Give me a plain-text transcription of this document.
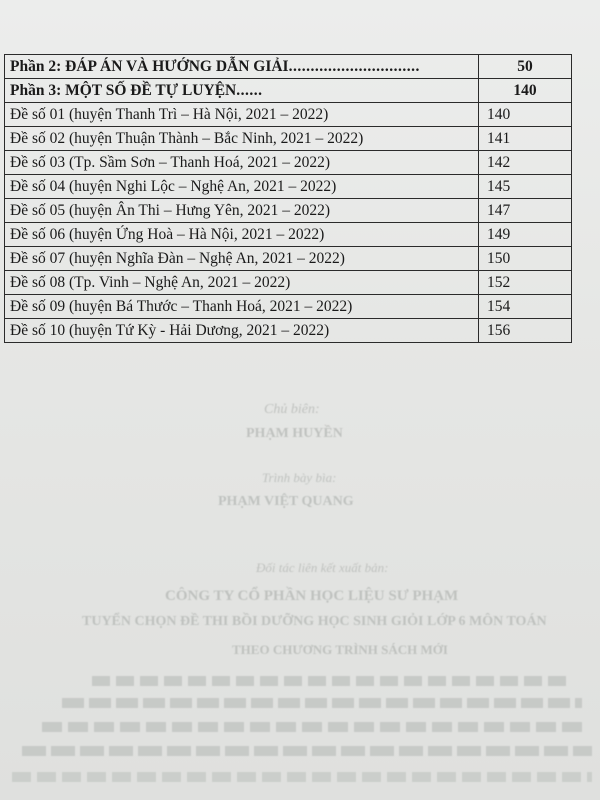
Chủ biên:
PHẠM HUYỀN
Trình bày bìa:
PHẠM VIỆT QUANG
Đối tác liên kết xuất bản:
CÔNG TY CỔ PHẦN HỌC LIỆU SƯ PHẠM
TUYỂN CHỌN ĐỀ THI BỒI DƯỠNG HỌC SINH GIỎI LỚP 6 MÔN TOÁN
THEO CHƯƠNG TRÌNH SÁCH MỚI
Phần 2: ĐÁP ÁN VÀ HƯỚNG DẪN GIẢI..............................	50
Phần 3: MỘT SỐ ĐỀ TỰ LUYỆN......	140
Đề số 01 (huyện Thanh Trì – Hà Nội, 2021 – 2022)	140
Đề số 02 (huyện Thuận Thành – Bắc Ninh, 2021 – 2022)	141
Đề số 03 (Tp. Sầm Sơn – Thanh Hoá, 2021 – 2022)	142
Đề số 04 (huyện Nghi Lộc – Nghệ An, 2021 – 2022)	145
Đề số 05 (huyện Ân Thi – Hưng Yên, 2021 – 2022)	147
Đề số 06 (huyện Ứng Hoà – Hà Nội, 2021 – 2022)	149
Đề số 07 (huyện Nghĩa Đàn – Nghệ An, 2021 – 2022)	150
Đề số 08 (Tp. Vinh – Nghệ An, 2021 – 2022)	152
Đề số 09 (huyện Bá Thước – Thanh Hoá, 2021 – 2022)	154
Đề số 10 (huyện Tứ Kỳ - Hải Dương, 2021 – 2022)	156
